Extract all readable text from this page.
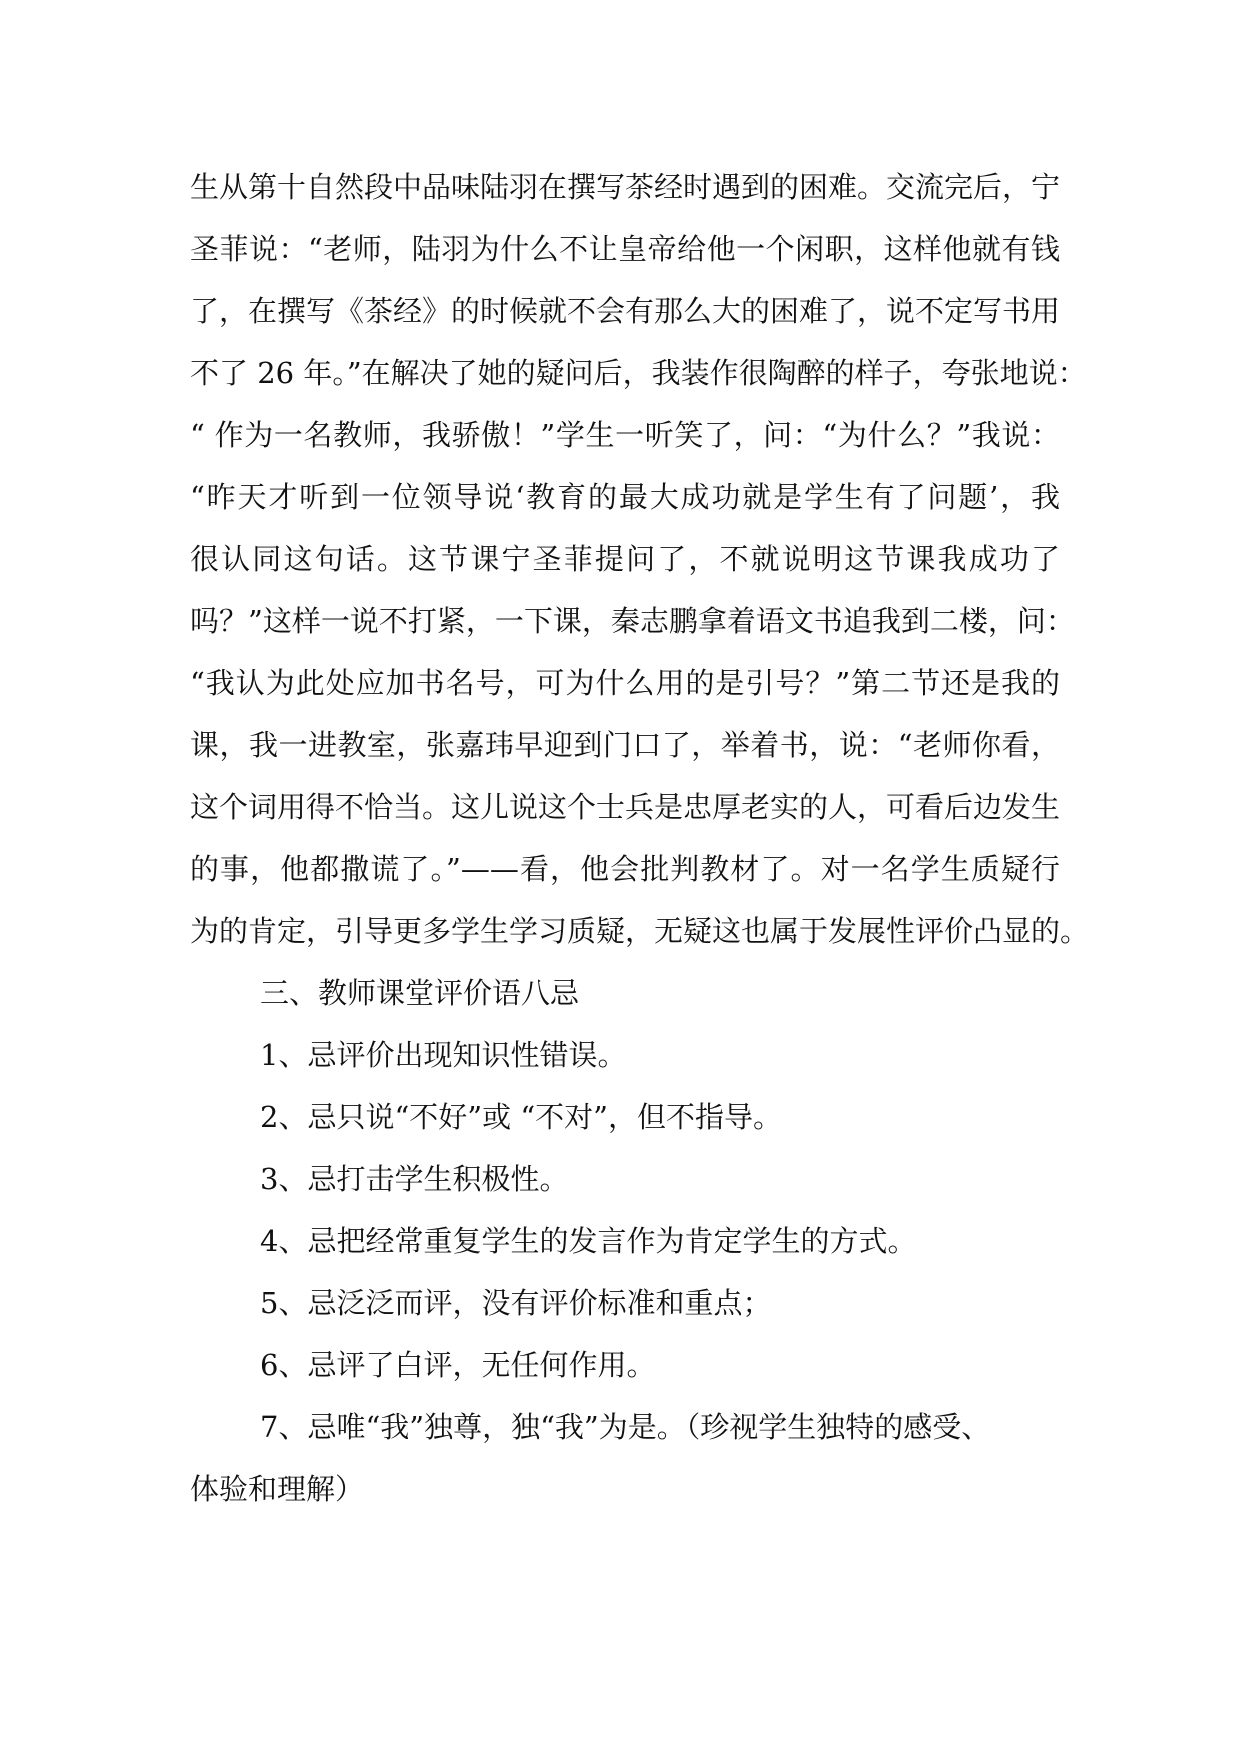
生从第十自然段中品味陆羽在撰写茶经时遇到的困难。交流完后，宁
圣菲说：“老师，陆羽为什么不让皇帝给他一个闲职，这样他就有钱
了，在撰写《茶经》的时候就不会有那么大的困难了，说不定写书用
不了 26 年。”在解决了她的疑问后，我装作很陶醉的样子，夸张地说：
“ 作为一名教师，我骄傲！”学生一听笑了，问：“为什么？”我说：
“昨天才听到一位领导说‘教育的最大成功就是学生有了问题’，我
很认同这句话。这节课宁圣菲提问了，不就说明这节课我成功了
吗？”这样一说不打紧，一下课，秦志鹏拿着语文书追我到二楼，问：
“我认为此处应加书名号，可为什么用的是引号？”第二节还是我的
课，我一进教室，张嘉玮早迎到门口了，举着书，说：“老师你看，
这个词用得不恰当。这儿说这个士兵是忠厚老实的人，可看后边发生
的事，他都撒谎了。”——看，他会批判教材了。对一名学生质疑行
为的肯定，引导更多学生学习质疑，无疑这也属于发展性评价凸显的。
三、教师课堂评价语八忌
1、忌评价出现知识性错误。
2、忌只说“不好”或 “不对”，但不指导。
3、忌打击学生积极性。
4、忌把经常重复学生的发言作为肯定学生的方式。
5、忌泛泛而评，没有评价标准和重点；
6、忌评了白评，无任何作用。
7、忌唯“我”独尊，独“我”为是。（珍视学生独特的感受、
体验和理解）
